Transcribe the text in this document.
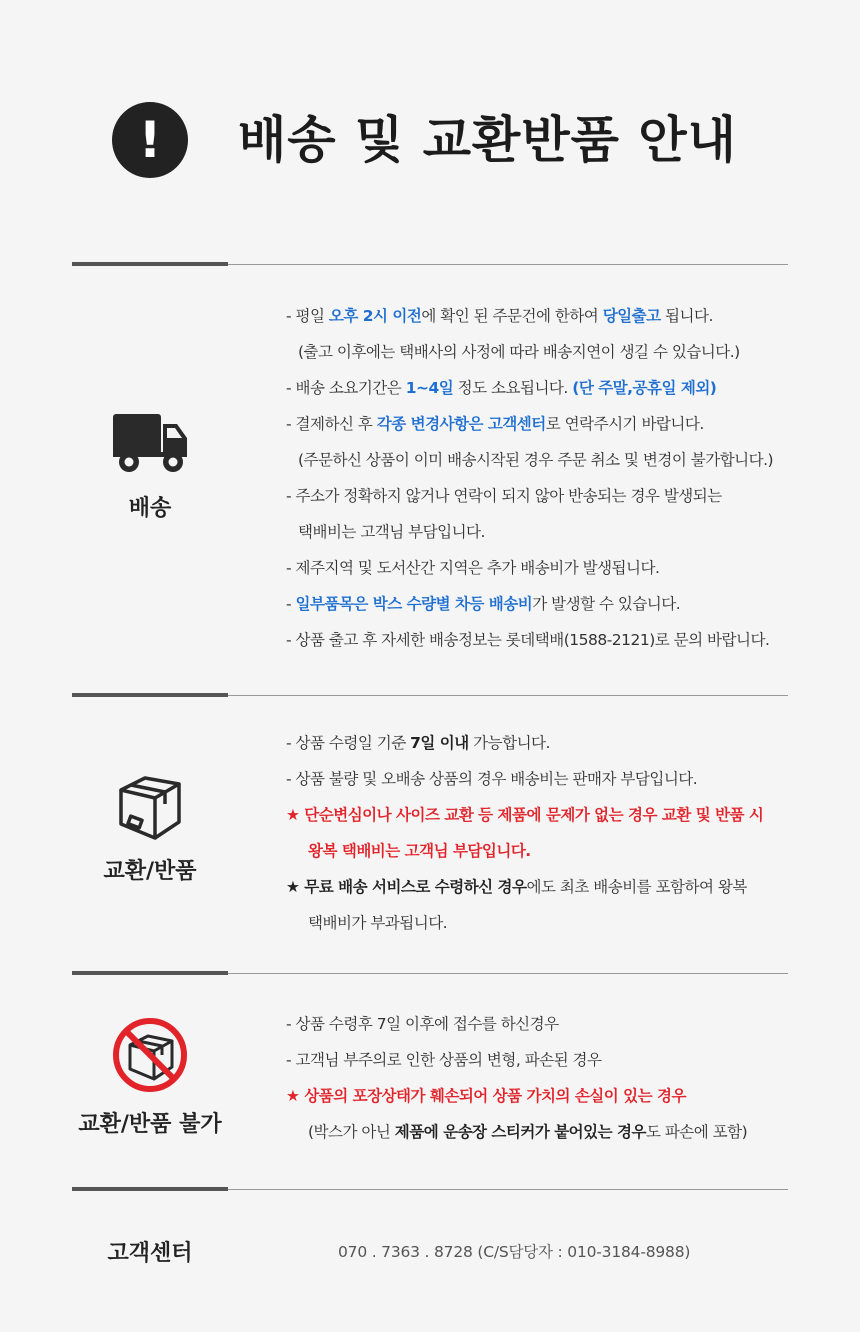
!	배송 및 교환반품 안내
배송
- 평일 오후 2시 이전에 확인 된 주문건에 한하여 당일출고 됩니다.
(출고 이후에는 택배사의 사정에 따라 배송지연이 생길 수 있습니다.)
- 배송 소요기간은 1~4일 정도 소요됩니다. (단 주말,공휴일 제외)
- 결제하신 후 각종 변경사항은 고객센터로 연락주시기 바랍니다.
(주문하신 상품이 이미 배송시작된 경우 주문 취소 및 변경이 불가합니다.)
- 주소가 정확하지 않거나 연락이 되지 않아 반송되는 경우 발생되는
택배비는 고객님 부담입니다.
- 제주지역 및 도서산간 지역은 추가 배송비가 발생됩니다.
- 일부품목은 박스 수량별 차등 배송비가 발생할 수 있습니다.
- 상품 출고 후 자세한 배송정보는 롯데택배(1588-2121)로 문의 바랍니다.
교환/반품
- 상품 수령일 기준 7일 이내 가능합니다.
- 상품 불량 및 오배송 상품의 경우 배송비는 판매자 부담입니다.
★ 단순변심이나 사이즈 교환 등 제품에 문제가 없는 경우 교환 및 반품 시
왕복 택배비는 고객님 부담입니다.
★ 무료 배송 서비스로 수령하신 경우에도 최초 배송비를 포함하여 왕복
택배비가 부과됩니다.
교환/반품 불가
- 상품 수령후 7일 이후에 접수를 하신경우
- 고객님 부주의로 인한 상품의 변형, 파손된 경우
★ 상품의 포장상태가 훼손되어 상품 가치의 손실이 있는 경우
(박스가 아닌 제품에 운송장 스티커가 붙어있는 경우도 파손에 포함)
고객센터	070 . 7363 . 8728 (C/S담당자 : 010-3184-8988)
